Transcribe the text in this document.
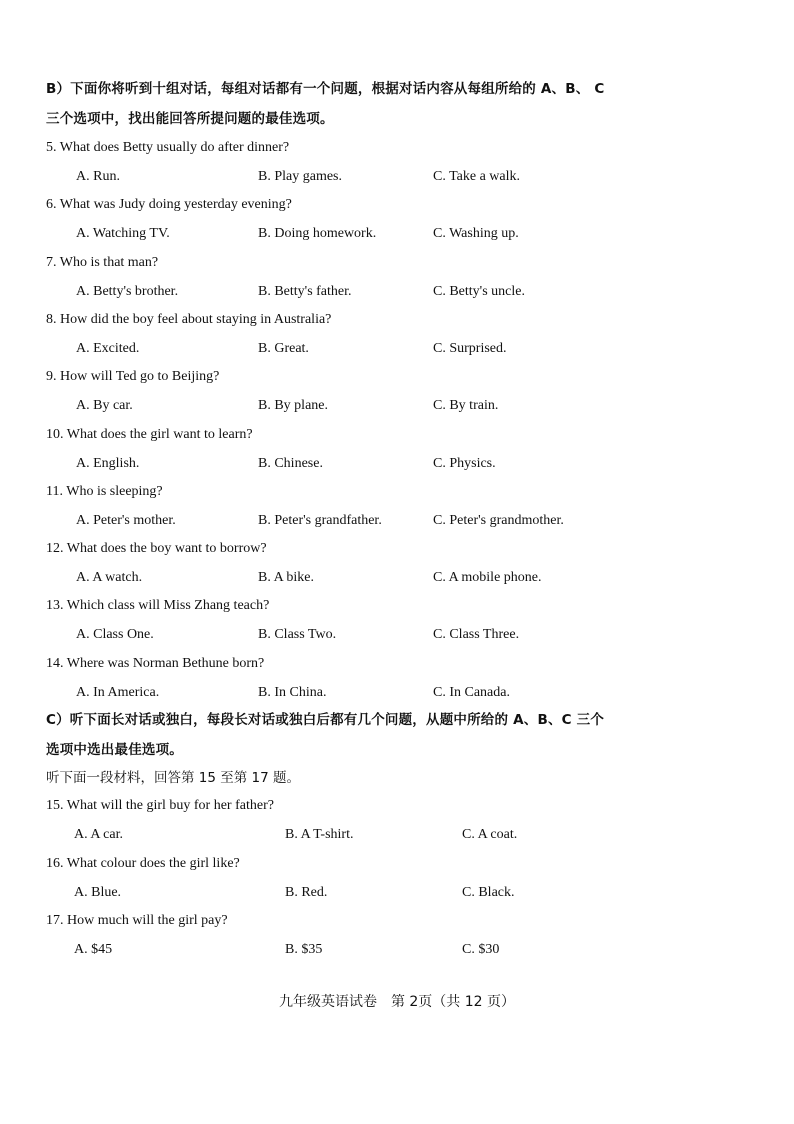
B）下面你将听到十组对话，每组对话都有一个问题，根据对话内容从每组所给的 A、B、 C
三个选项中，找出能回答所提问题的最佳选项。
5. What does Betty usually do after dinner?
A. Run.	B. Play games.	C. Take a walk.
6. What was Judy doing yesterday evening?
A. Watching TV.	B. Doing homework.	C. Washing up.
7. Who is that man?
A. Betty's brother.	B. Betty's father.	C. Betty's uncle.
8. How did the boy feel about staying in Australia?
A. Excited.	B. Great.	C. Surprised.
9. How will Ted go to Beijing?
A. By car.	B. By plane.	C. By train.
10. What does the girl want to learn?
A. English.	B. Chinese.	C. Physics.
11. Who is sleeping?
A. Peter's mother.	B. Peter's grandfather.	C. Peter's grandmother.
12. What does the boy want to borrow?
A. A watch.	B. A bike.	C. A mobile phone.
13. Which class will Miss Zhang teach?
A. Class One.	B. Class Two.	C. Class Three.
14. Where was Norman Bethune born?
A. In America.	B. In China.	C. In Canada.
C）听下面长对话或独白，每段长对话或独白后都有几个问题，从题中所给的 A、B、C 三个
选项中选出最佳选项。
听下面一段材料，回答第 15 至第 17 题。
15. What will the girl buy for her father?
A. A car.	B. A T-shirt.	C. A coat.
16. What colour does the girl like?
A. Blue.	B. Red.	C. Black.
17. How much will the girl pay?
A. $45	B. $35	C. $30
九年级英语试卷　第 2页（共 12 页）
